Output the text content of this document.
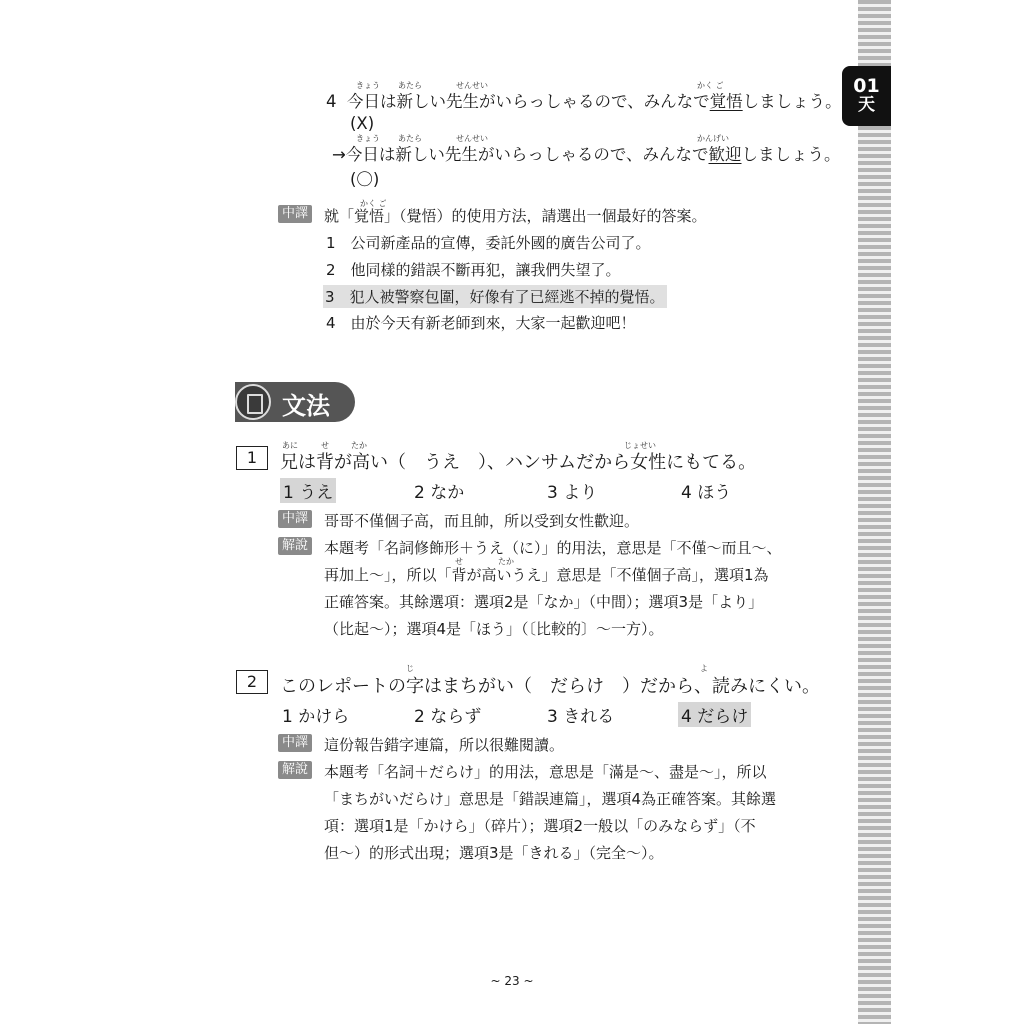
01
天
きょう あたら	せんせい	かく ご
4 今日は新しい先生がいらっしゃるので、みんなで覚悟しましょう。
(X)
きょう あたら	せんせい	かんげい
→今日は新しい先生がいらっしゃるので、みんなで歓迎しましょう。
(〇)
中譯
かく ご
就「覚悟」（覺悟）的使用方法，請選出一個最好的答案。
1　公司新產品的宣傳，委託外國的廣告公司了。
2　他同樣的錯誤不斷再犯，讓我們失望了。
3　犯人被警察包圍，好像有了已經逃不掉的覺悟。
4　由於今天有新老師到來，大家一起歡迎吧！
文法
1
あに	せ	たか	じょせい
兄は背が高い（　うえ　）、ハンサムだから女性にもてる。
1 うえ	2 なか	3 より	4 ほう
中譯 哥哥不僅個子高，而且帥，所以受到女性歡迎。
解說 本題考「名詞修飾形＋うえ（に）」的用法，意思是「不僅～而且～、
せ	たか
再加上～」，所以「背が高いうえ」意思是「不僅個子高」，選項1為
正確答案。其餘選項：選項2是「なか」（中間）；選項3是「より」
（比起～）；選項4是「ほう」（〔比較的〕～一方）。
2
じ	よ
このレポートの字はまちがい（　だらけ　）だから、読みにくい。
1 かけら	2 ならず	3 きれる	4 だらけ
中譯 這份報告錯字連篇，所以很難閱讀。
解說 本題考「名詞＋だらけ」的用法，意思是「滿是～、盡是～」，所以
「まちがいだらけ」意思是「錯誤連篇」，選項4為正確答案。其餘選
項：選項1是「かけら」（碎片）；選項2一般以「のみならず」（不
但～）的形式出現；選項3是「きれる」（完全～）。
~ 23 ~
